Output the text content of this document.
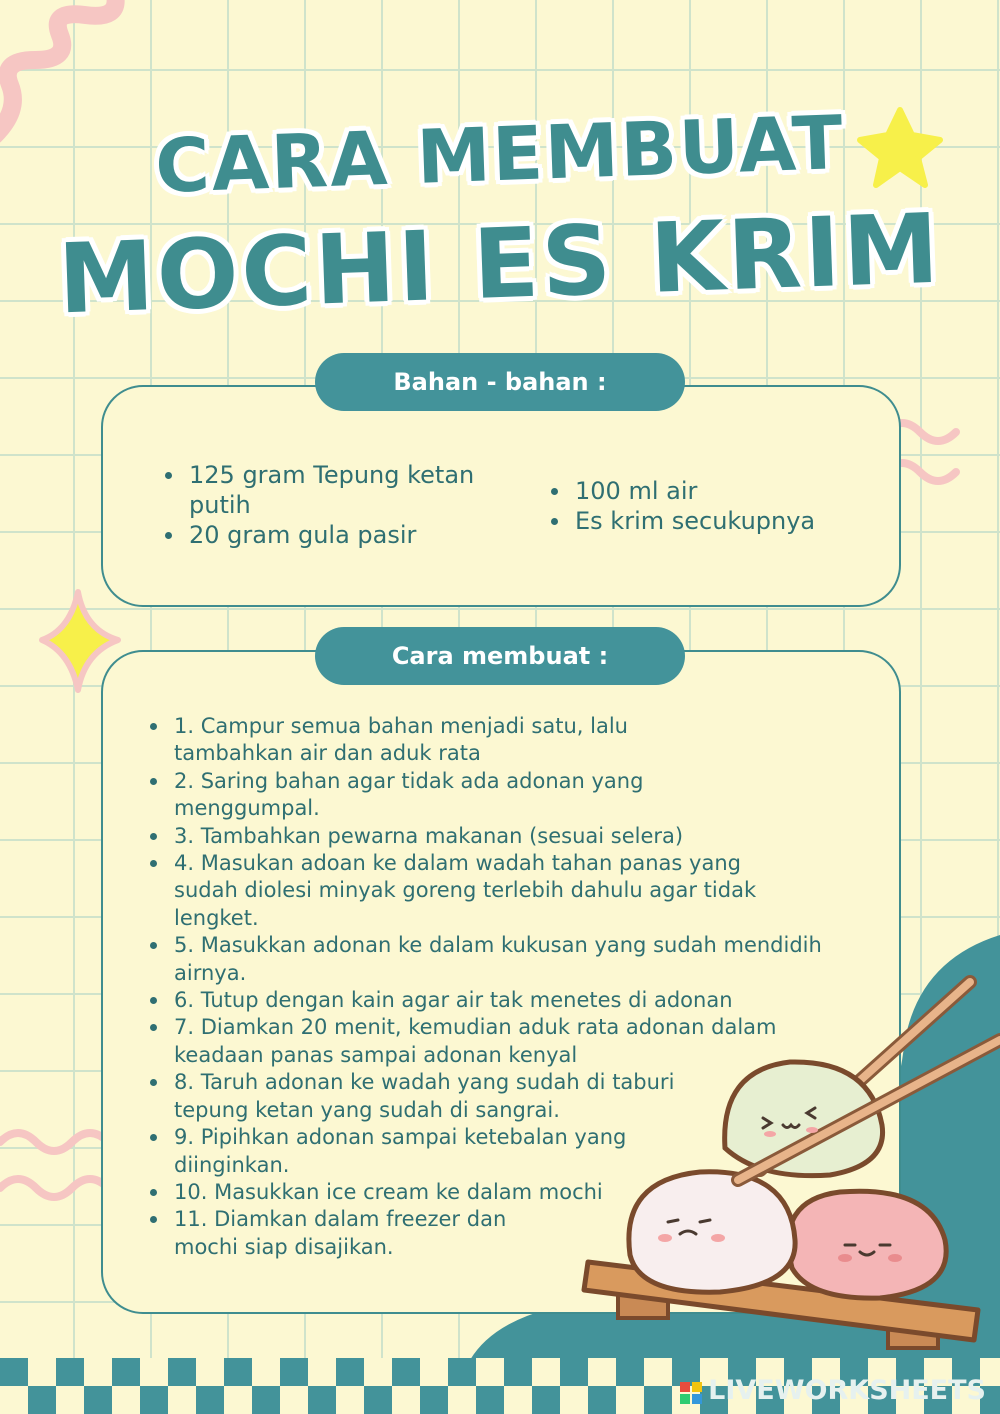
CARA MEMBUAT
MOCHI ES KRIM
Bahan - bahan :
125 gram Tepung ketan putih
20 gram gula pasir
100 ml air
Es krim secukupnya
Cara membuat :
1. Campur semua bahan menjadi satu, lalu tambahkan air dan aduk rata
2. Saring bahan agar tidak ada adonan yang menggumpal.
3. Tambahkan pewarna makanan (sesuai selera)
4. Masukan adoan ke dalam wadah tahan panas yang sudah diolesi minyak goreng terlebih dahulu agar tidak lengket.
5. Masukkan adonan ke dalam kukusan yang sudah mendidih airnya.
6. Tutup dengan kain agar air tak menetes di adonan
7. Diamkan 20 menit, kemudian aduk rata adonan dalam keadaan panas sampai adonan kenyal
8. Taruh adonan ke wadah yang sudah di taburi tepung ketan yang sudah di sangrai.
9. Pipihkan adonan sampai ketebalan yang diinginkan.
10. Masukkan ice cream ke dalam mochi
11. Diamkan dalam freezer dan mochi siap disajikan.
LIVEWORKSHEETS
